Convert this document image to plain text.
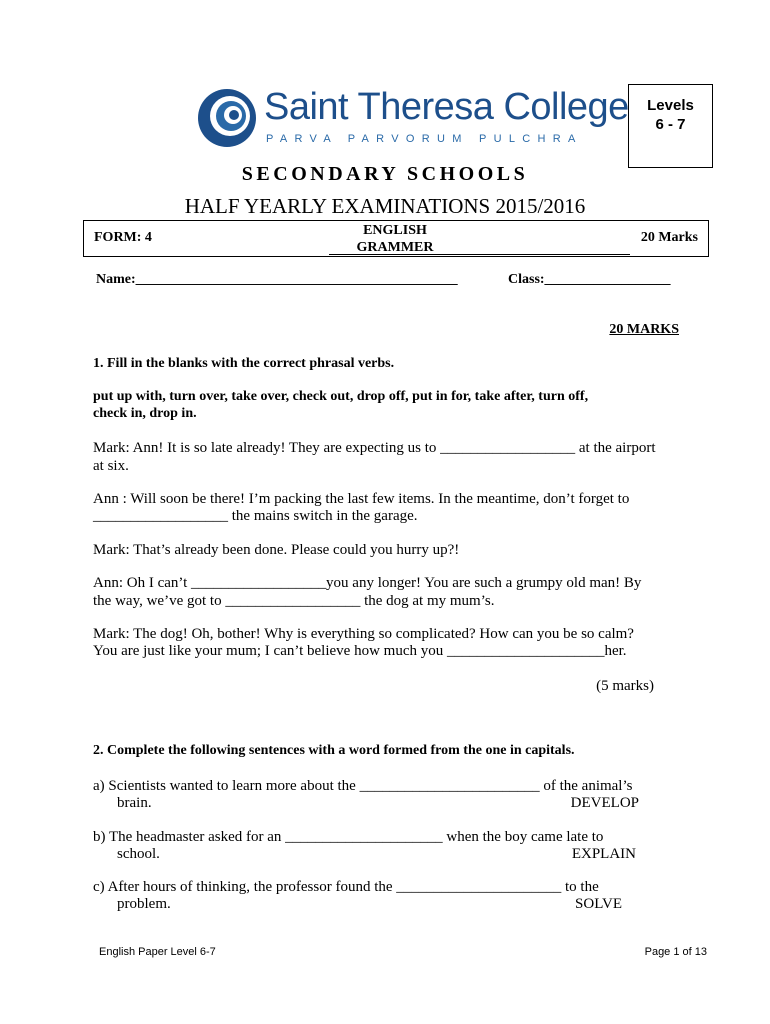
Saint Theresa College
PARVA PARVORUM PULCHRA
Levels
6 - 7
SECONDARY SCHOOLS
HALF YEARLY EXAMINATIONS 2015/2016
FORM: 4	ENGLISH
GRAMMER
20 Marks
Name:______________________________________________	Class:__________________
20 MARKS
1. Fill in the blanks with the correct phrasal verbs.
put up with, turn over, take over, check out, drop off, put in for, take after, turn off,
check in, drop in.
Mark: Ann! It is so late already! They are expecting us to __________________ at the airport
at six.
Ann : Will soon be there! I’m packing the last few items. In the meantime, don’t forget to
__________________ the mains switch in the garage.
Mark: That’s already been done. Please could you hurry up?!
Ann: Oh I can’t __________________you any longer! You are such a grumpy old man! By
the way, we’ve got to __________________ the dog at my mum’s.
Mark: The dog! Oh, bother! Why is everything so complicated? How can you be so calm?
You are just like your mum; I can’t believe how much you _____________________her.
(5 marks)
2. Complete the following sentences with a word formed from the one in capitals.
a) Scientists wanted to learn more about the ________________________ of the animal’s
brain.	DEVELOP
b) The headmaster asked for an _____________________ when the boy came late to
school.	EXPLAIN
c) After hours of thinking, the professor found the ______________________ to the
problem.	SOLVE
English Paper Level 6-7	Page 1 of 13
